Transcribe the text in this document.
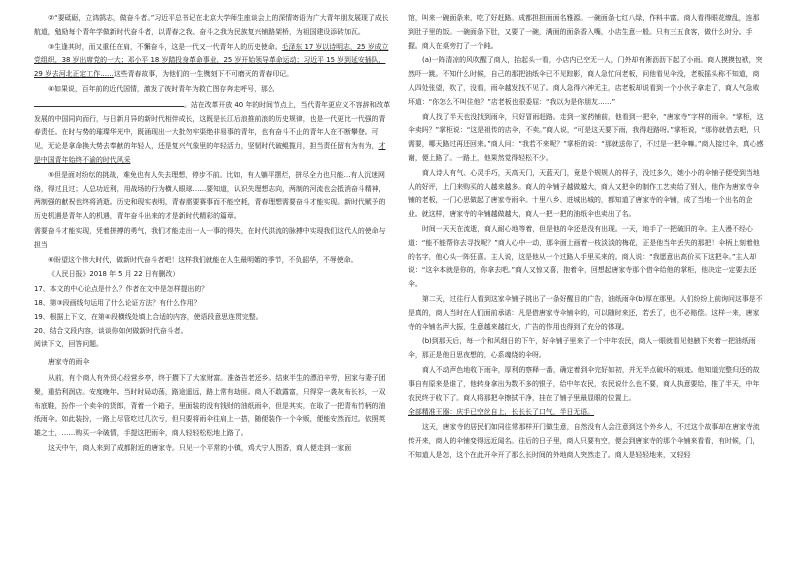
②“要砥砺，立鸿鹄志，做奋斗者。”习近平总书记在北京大学师生座谈会上的深情寄语为广大青年朋友展现了成长航道，勉励每个青年学做新时代奋斗者，以青春之我、奋斗之我为民族复兴铺路架桥，为祖国建设添砖加瓦。

③生逢其时，而又重任在肩，不懈奋斗，这是一代又一代青年人的历史使命。毛泽东 17 岁以诗明志，25 岁成立党组织，38 岁出席党的一大；邓小平 18 岁踏投身革命事业，25 岁开始领导革命运动；习近平 15 岁到延安插队，29 岁去河北正定工作……这些青春故事，为他们的一生镌刻下不可磨灭的青春印记。

④如果说，百年前的近代国情，激发了彼时青年为救亡图存奔走呼号，那么。站在改革开放 40 年的时间节点上，当代青年更应义不容辞和改革发展的中国同向而行，与日新月异的新时代相伴成长，这既是长江后浪推前浪的历史规律，也是一代更比一代强的青春责任。在时与势的璀璨华光中，既涌现出一大批勿牢渠绝非易事的青年，也有奋斗不止的青年人在不断攀登。可见，无论是拿命换大势去奉献的年轻人，还是复兴气象里的年轻活力，坚韧时代破鲲揽月，担当责任留有为有为，才是中国青年始终不渝的时代风采

⑤但是面对纷纭的挑战，难免也有人失去理想，停步不前。比如，有人躺平摆烂，拼尽全力也只能…有人沉迷网络，得过且过；人总功近利，用战场的行为横人眼球……要知道，认识失理想志向，两制的河流也会抵消奋斗精神，两制强的献祝也终将消逝。历史和现实表明，青春需要赛事而不能空耗，青春理想需要奋斗才能实现。新时代赋予的历史机遇是青年人的机遇，青年奋斗出来的才是新时代精彩的篇章。

需要奋斗才能实现，凭着拼搏的勇气，我们才能走出一人一事的得失，在时代洪流的脉搏中实现我们这代人的使命与担当

⑥盼望这个伟大时代，做新时代奋斗者吧！这样我们就能在人生最明媚的季节，不负韶华，不辱使命。

《人民日报》2018 年 5 月 22 日有删改）

17、本文的中心论点是什么？作者在文中是怎样提出的？

18、第③段画线句运用了什么论证方法？有什么作用？

19、根据上下文，在第④段横线处填上合适的内容，使语段意思连贯完整。

20、结合文段内容，谈谈你如何做新时代奋斗者。

阅读下文，回答问题。

唐家寺的雨伞

从前，有个商人有外贸心经营乡亭，终于攒下了大家财富。准备告老还乡。结束半生的漂泊辛劳，回家与妻子团聚，重拾利润店。安度晚年。当时时局动荡，路途遥远，路上常有劫匪。商人不敢露富，只得穿一袭灰布长衫，一双布底鞋，扮作一个卖伞的货郎，背着一个箱子，里面装的没有钱财的油纸雨伞，但是其实，在取了一把青布竹柄的油纸雨伞。如此装扮，一路上尽管吃过几次亏，但只要将雨伞往肩上一搭，随便装作一个伞贩，便能安然而过。依照英雄之士，……购买一伞破情，手提这把雨伞，商人轻轻松松地上路了。

这天中午，商人来到了成都附近的唐家寺。只见一个平常的小镇，鸡犬宁人图香，商人便走到一家面

馆，叫来一碗面条来，吃了好赶路。成都担担面面名雅源。一碗面条七红八绿，作料丰富。商人看得眼花缭乱，连那到肚子里的饭。一碗面条下肚，又要了一碗，满面的面条香入嘴，小店生意一般。只有三五食客，做什么时分。手握。商人在桌旁打了一个盹。

(a)一阵清凉的风吹醒了商人，抬起头一看，小店内已空无一人，门外却有淅沥沥下起了小雨。商人摸摸包袱，突然吓一跳。不知什么时候，自己的那把油纸伞已不见踪影，商人急忙问老板，问他看见伞没，老板摇头称不知道，商人四处张望，吹了，没看，雨伞越发找不见了。商人急得六神无主，店老板却说看到一个小伙子拿走了，商人气急败坏道：“你怎么不叫住他？”店老板也很委屈：“我以为是你朋友……”

商人找了半天也没找到雨伞，只好冒雨赶路。走到一家药铺前，他看到一把伞，“唐家寺”字样的雨伞。“掌柜，这伞卖吗？”掌柜说：“这是祖传的店伞，不卖。”商人说，“可是这天要下雨，我得赶路呀。”掌柜说，“那你就借去吧，只需要，哪天路过再还回来。”商人问：“我若不来呢？”掌柜的说：“那就送你了，不过是一把伞嘛。”商人接过伞，真心感谢，便上路了。一路上，他果然觉得轻松不少。

商人诗人有气、心灵手巧，天高天门，天蓝天门，竟是个规规人的样子，没过多久，她小小的伞铺子便受到当地人的好评，上门来购买的人越来越多。商人的伞铺子越做越大，商人又把伞的制作工艺卖给了别人，他作为唐家寺伞铺的老板，一门心思做起了唐家寺雨伞。十里八乡、进城出城的，都知道了唐家寺的伞铺，成了当地一个出名的企业。就这样，唐家寺的伞铺越做越大，商人一把一把的油纸伞也卖出了名。

时间一天天在流逝，商人耐心地等着，但是他的伞还是没有出现。一天，地手了一把破旧的伞。主人漫不经心道：“能不能帮你去寻找呢？”商人心中一动，那伞面上画着一枝淡淡的梅花，正是他当年丢失的那把！伞柄上刻着他的名字，他心头一阵狂喜。主人说，这是他从一个过路人手里买来的。商人说：“我愿意出高价买下这把伞。”主人却说：“这伞本就是你的，你拿去吧。”商人又惊又喜，抱着伞，回想起唐家寺那个借伞给他的掌柜，他决定一定要去还伞。

第二天，过往行人看到这家伞铺子挑出了一条好醒目的广告，油纸雨伞(b)厚在那里。人们纷纷上前询问这事是不是真的，商人当时在人们面前承诺：凡是借唐家寺伞铺伞的，可以随时来还，若丢了，也不必赔偿。这样一来，唐家寺的伞铺名声大振，生意越来越红火，广告的作用也得到了充分的体现。

(b)到那天后，每一个和风细日的下午，好伞铺子里来了一个中年农民，商人一眼就看见他腋下夹着一把油纸雨伞，那正是他日思夜想的，心系魂绕的伞呀。

商人不动声色地收下雨伞，厚利的察释一番，确定着到伞完好如初，并无半点破坏的痕迹。他知道完整归还的故事自有原来是谁了，他转身拿出为数不多的银子，给中年农民，农民说什么也不要，商人执意要给，推了半天，中年农民终于收下了。商人将那把伞擦拭干净，挂在了铺子里最显眼的位置上。

全部精准王器：庆手已空丝自上，长长长了口气，半日无语。

这天，唐家寺的居民们如同往常那样开门做生意，自然没有人会注意到这个外乡人，不过这个故事却在唐家寺流传开来，商人的伞铺变得远近闻名。往后的日子里，商人只要有空，便会到唐家寺的那个伞铺来看看，有时候，门，不知道人是怎，这个在此开伞开了那么长时间的外地商人突然走了。商人是轻轻地来，又轻轻
